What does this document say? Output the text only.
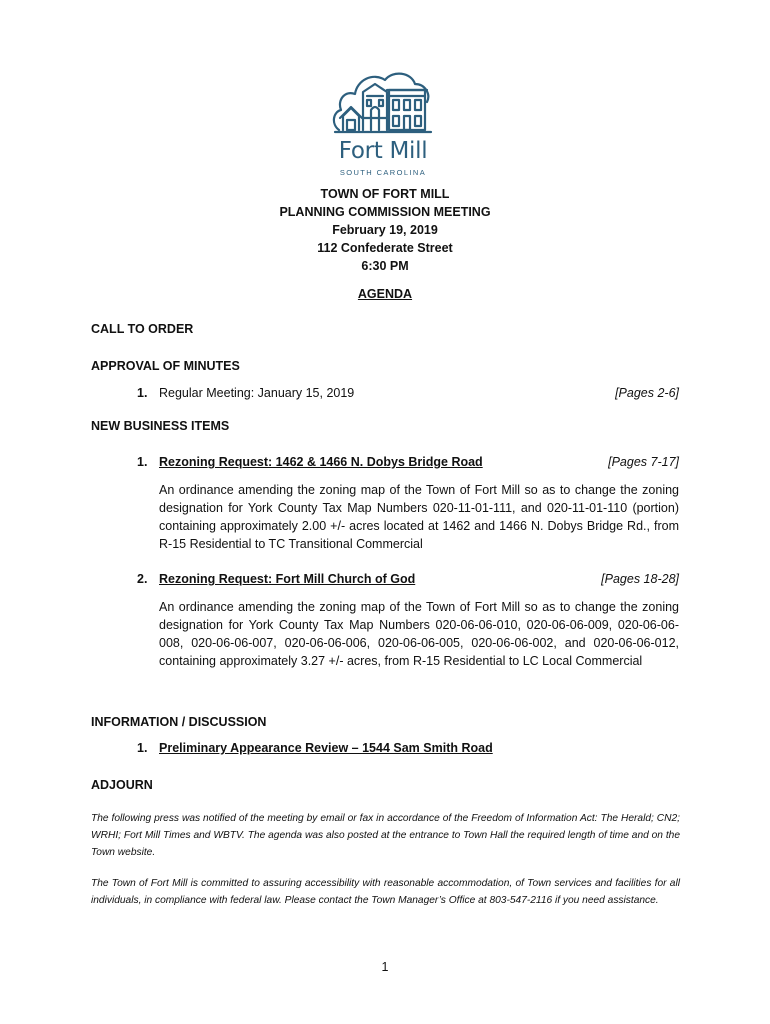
Fort Mill
SOUTH CAROLINA
TOWN OF FORT MILL
PLANNING COMMISSION MEETING
February 19, 2019
112 Confederate Street
6:30 PM
AGENDA
CALL TO ORDER
APPROVAL OF MINUTES
1. Regular Meeting: January 15, 2019	[Pages 2-6]
NEW BUSINESS ITEMS
1. Rezoning Request: 1462 & 1466 N. Dobys Bridge Road	[Pages 7-17]
An ordinance amending the zoning map of the Town of Fort Mill so as to change the zoning designation for York County Tax Map Numbers 020-11-01-111, and 020-11-01-110 (portion) containing approximately 2.00 +/- acres located at 1462 and 1466 N. Dobys Bridge Rd., from R-15 Residential to TC Transitional Commercial
2. Rezoning Request: Fort Mill Church of God	[Pages 18-28]
An ordinance amending the zoning map of the Town of Fort Mill so as to change the zoning designation for York County Tax Map Numbers 020-06-06-010, 020-06-06-009, 020-06-06-008, 020-06-06-007, 020-06-06-006, 020-06-06-005, 020-06-06-002, and 020-06-06-012, containing approximately 3.27 +/- acres, from R-15 Residential to LC Local Commercial
INFORMATION / DISCUSSION
1. Preliminary Appearance Review – 1544 Sam Smith Road
ADJOURN
The following press was notified of the meeting by email or fax in accordance of the Freedom of Information Act: The Herald; CN2; WRHI; Fort Mill Times and WBTV. The agenda was also posted at the entrance to Town Hall the required length of time and on the Town website.
The Town of Fort Mill is committed to assuring accessibility with reasonable accommodation, of Town services and facilities for all individuals, in compliance with federal law. Please contact the Town Manager’s Office at 803-547-2116 if you need assistance.
1
